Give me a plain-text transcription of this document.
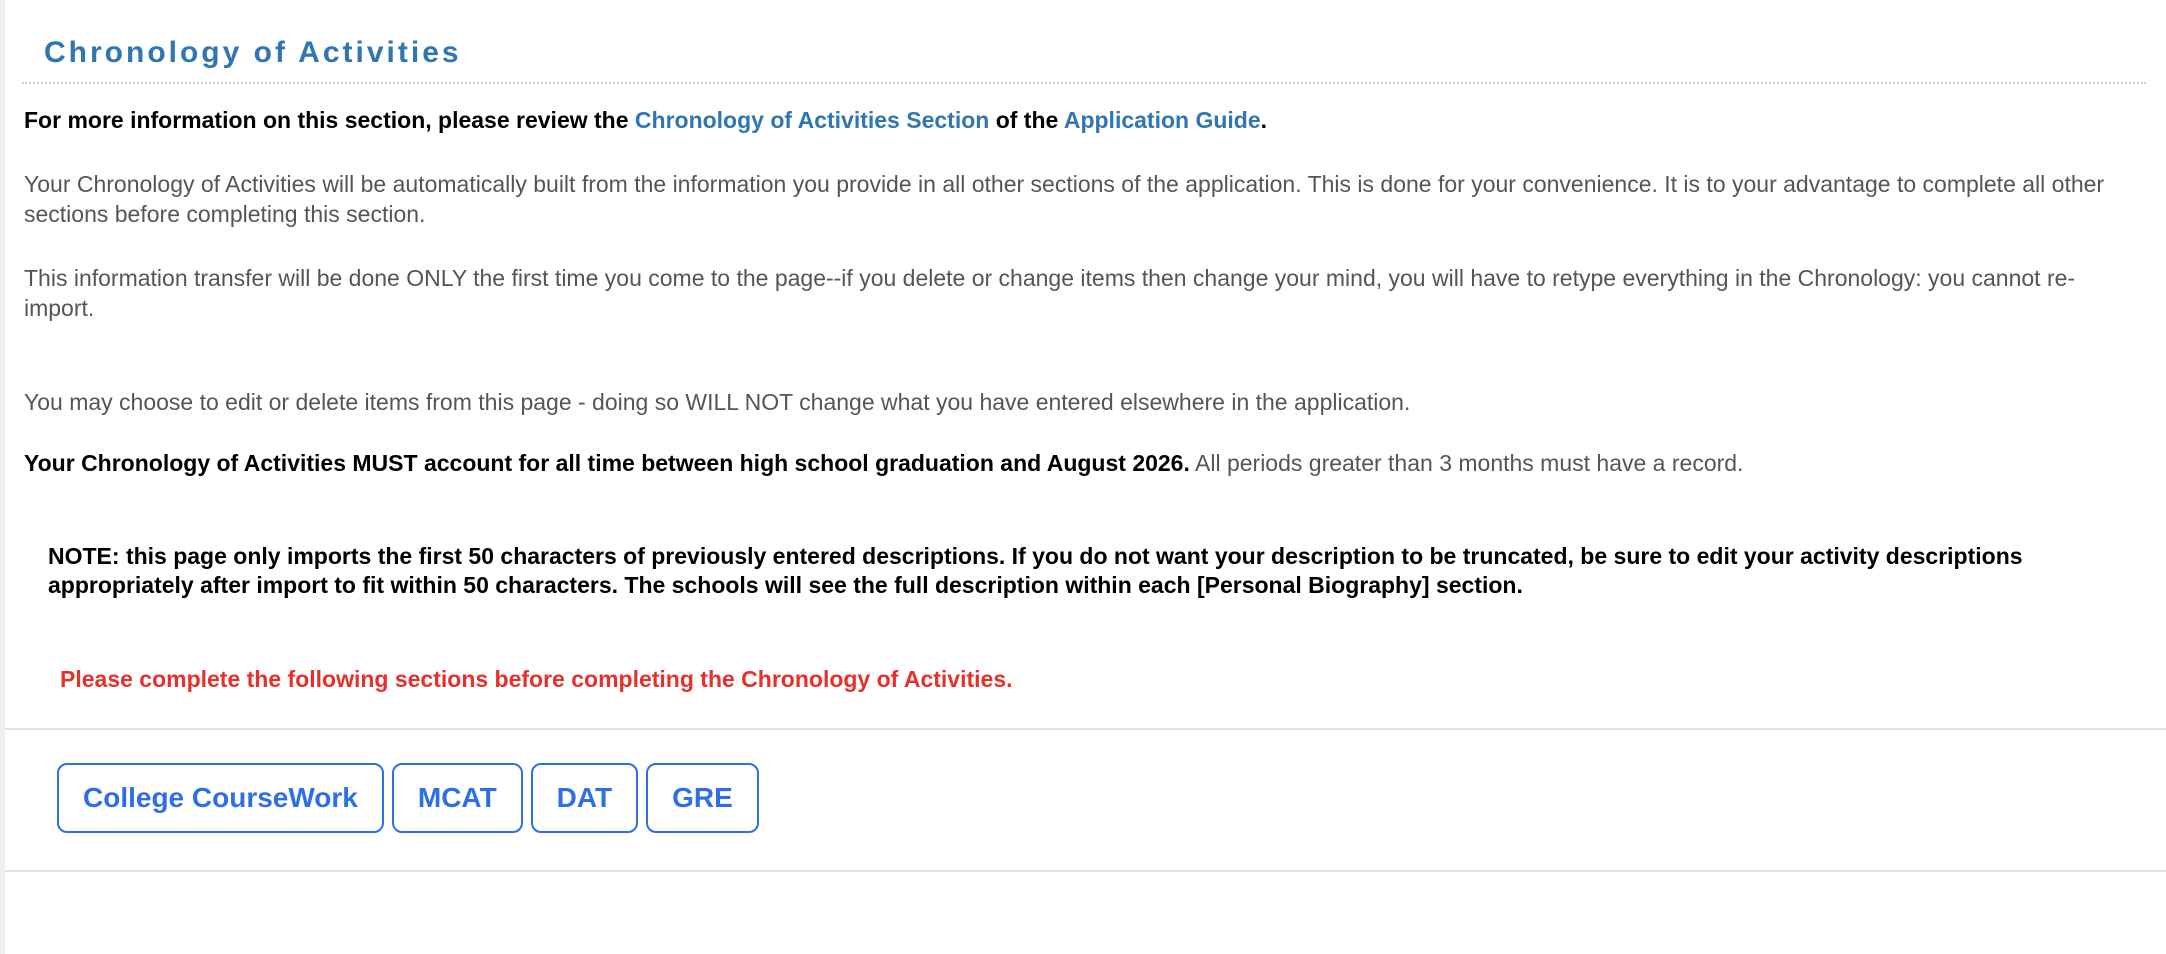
Chronology of Activities
For more information on this section, please review the Chronology of Activities Section of the Application Guide.
Your Chronology of Activities will be automatically built from the information you provide in all other sections of the application. This is done for your convenience. It is to your advantage to complete all other sections before completing this section.
This information transfer will be done ONLY the first time you come to the page--if you delete or change items then change your mind, you will have to retype everything in the Chronology: you cannot re-import.
You may choose to edit or delete items from this page - doing so WILL NOT change what you have entered elsewhere in the application.
Your Chronology of Activities MUST account for all time between high school graduation and August 2026. All periods greater than 3 months must have a record.
NOTE: this page only imports the first 50 characters of previously entered descriptions. If you do not want your description to be truncated, be sure to edit your activity descriptions appropriately after import to fit within 50 characters. The schools will see the full description within each [Personal Biography] section.
Please complete the following sections before completing the Chronology of Activities.
College CourseWork	MCAT	DAT	GRE
